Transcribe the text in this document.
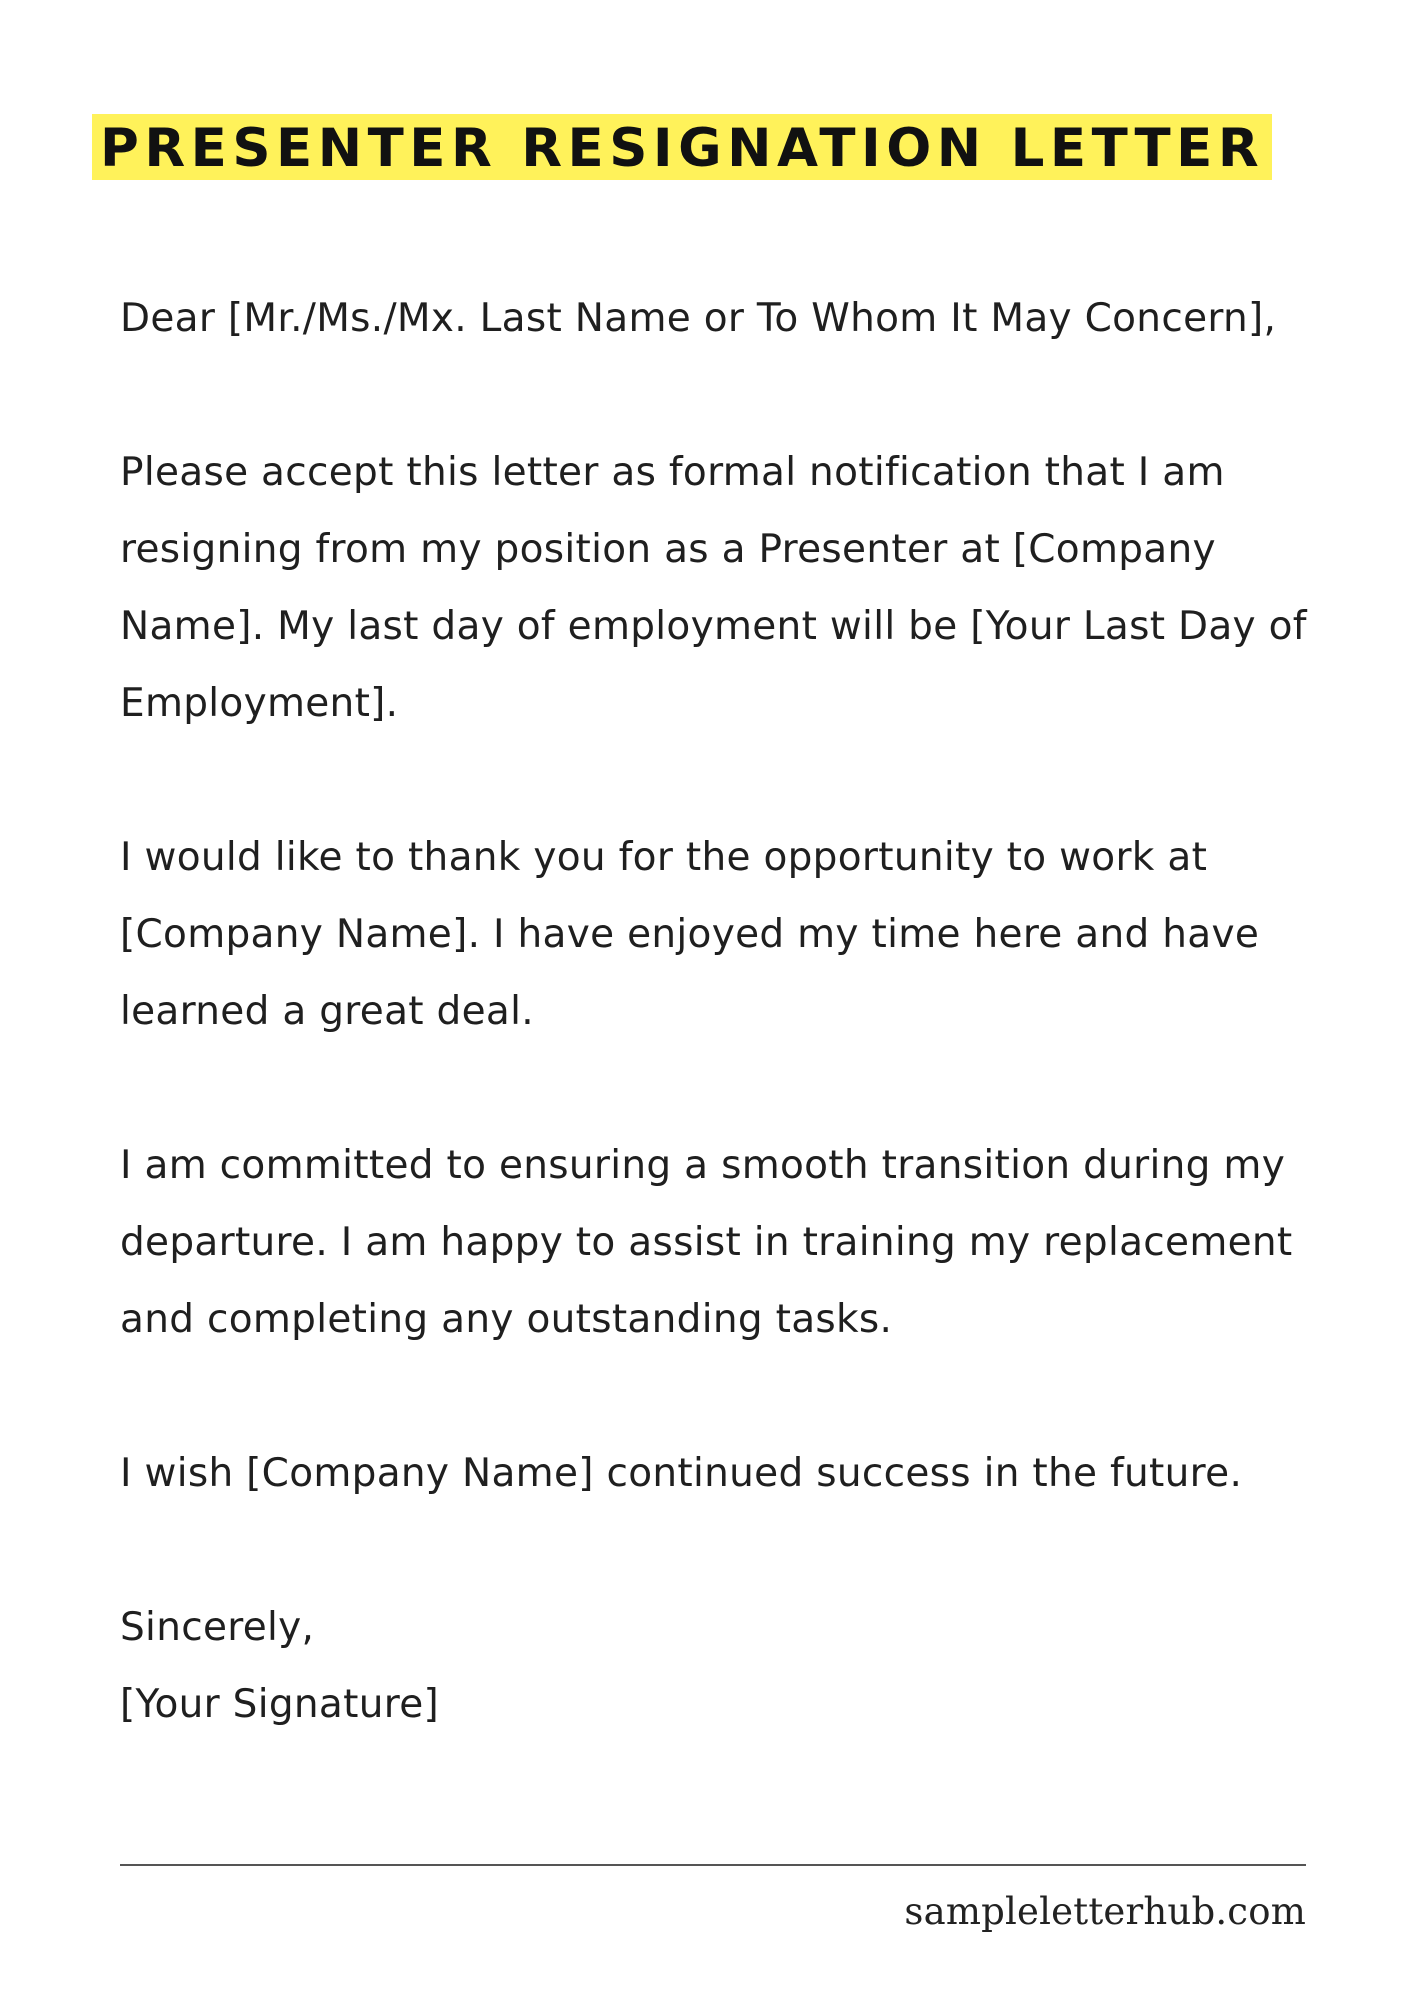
PRESENTER RESIGNATION LETTER

Dear [Mr./Ms./Mx. Last Name or To Whom It May Concern],

Please accept this letter as formal notification that I am resigning from my position as a Presenter at [Company Name]. My last day of employment will be [Your Last Day of Employment].

I would like to thank you for the opportunity to work at [Company Name]. I have enjoyed my time here and have learned a great deal.

I am committed to ensuring a smooth transition during my departure. I am happy to assist in training my replacement and completing any outstanding tasks.

I wish [Company Name] continued success in the future.

Sincerely,

[Your Signature]

sampleletterhub.com
